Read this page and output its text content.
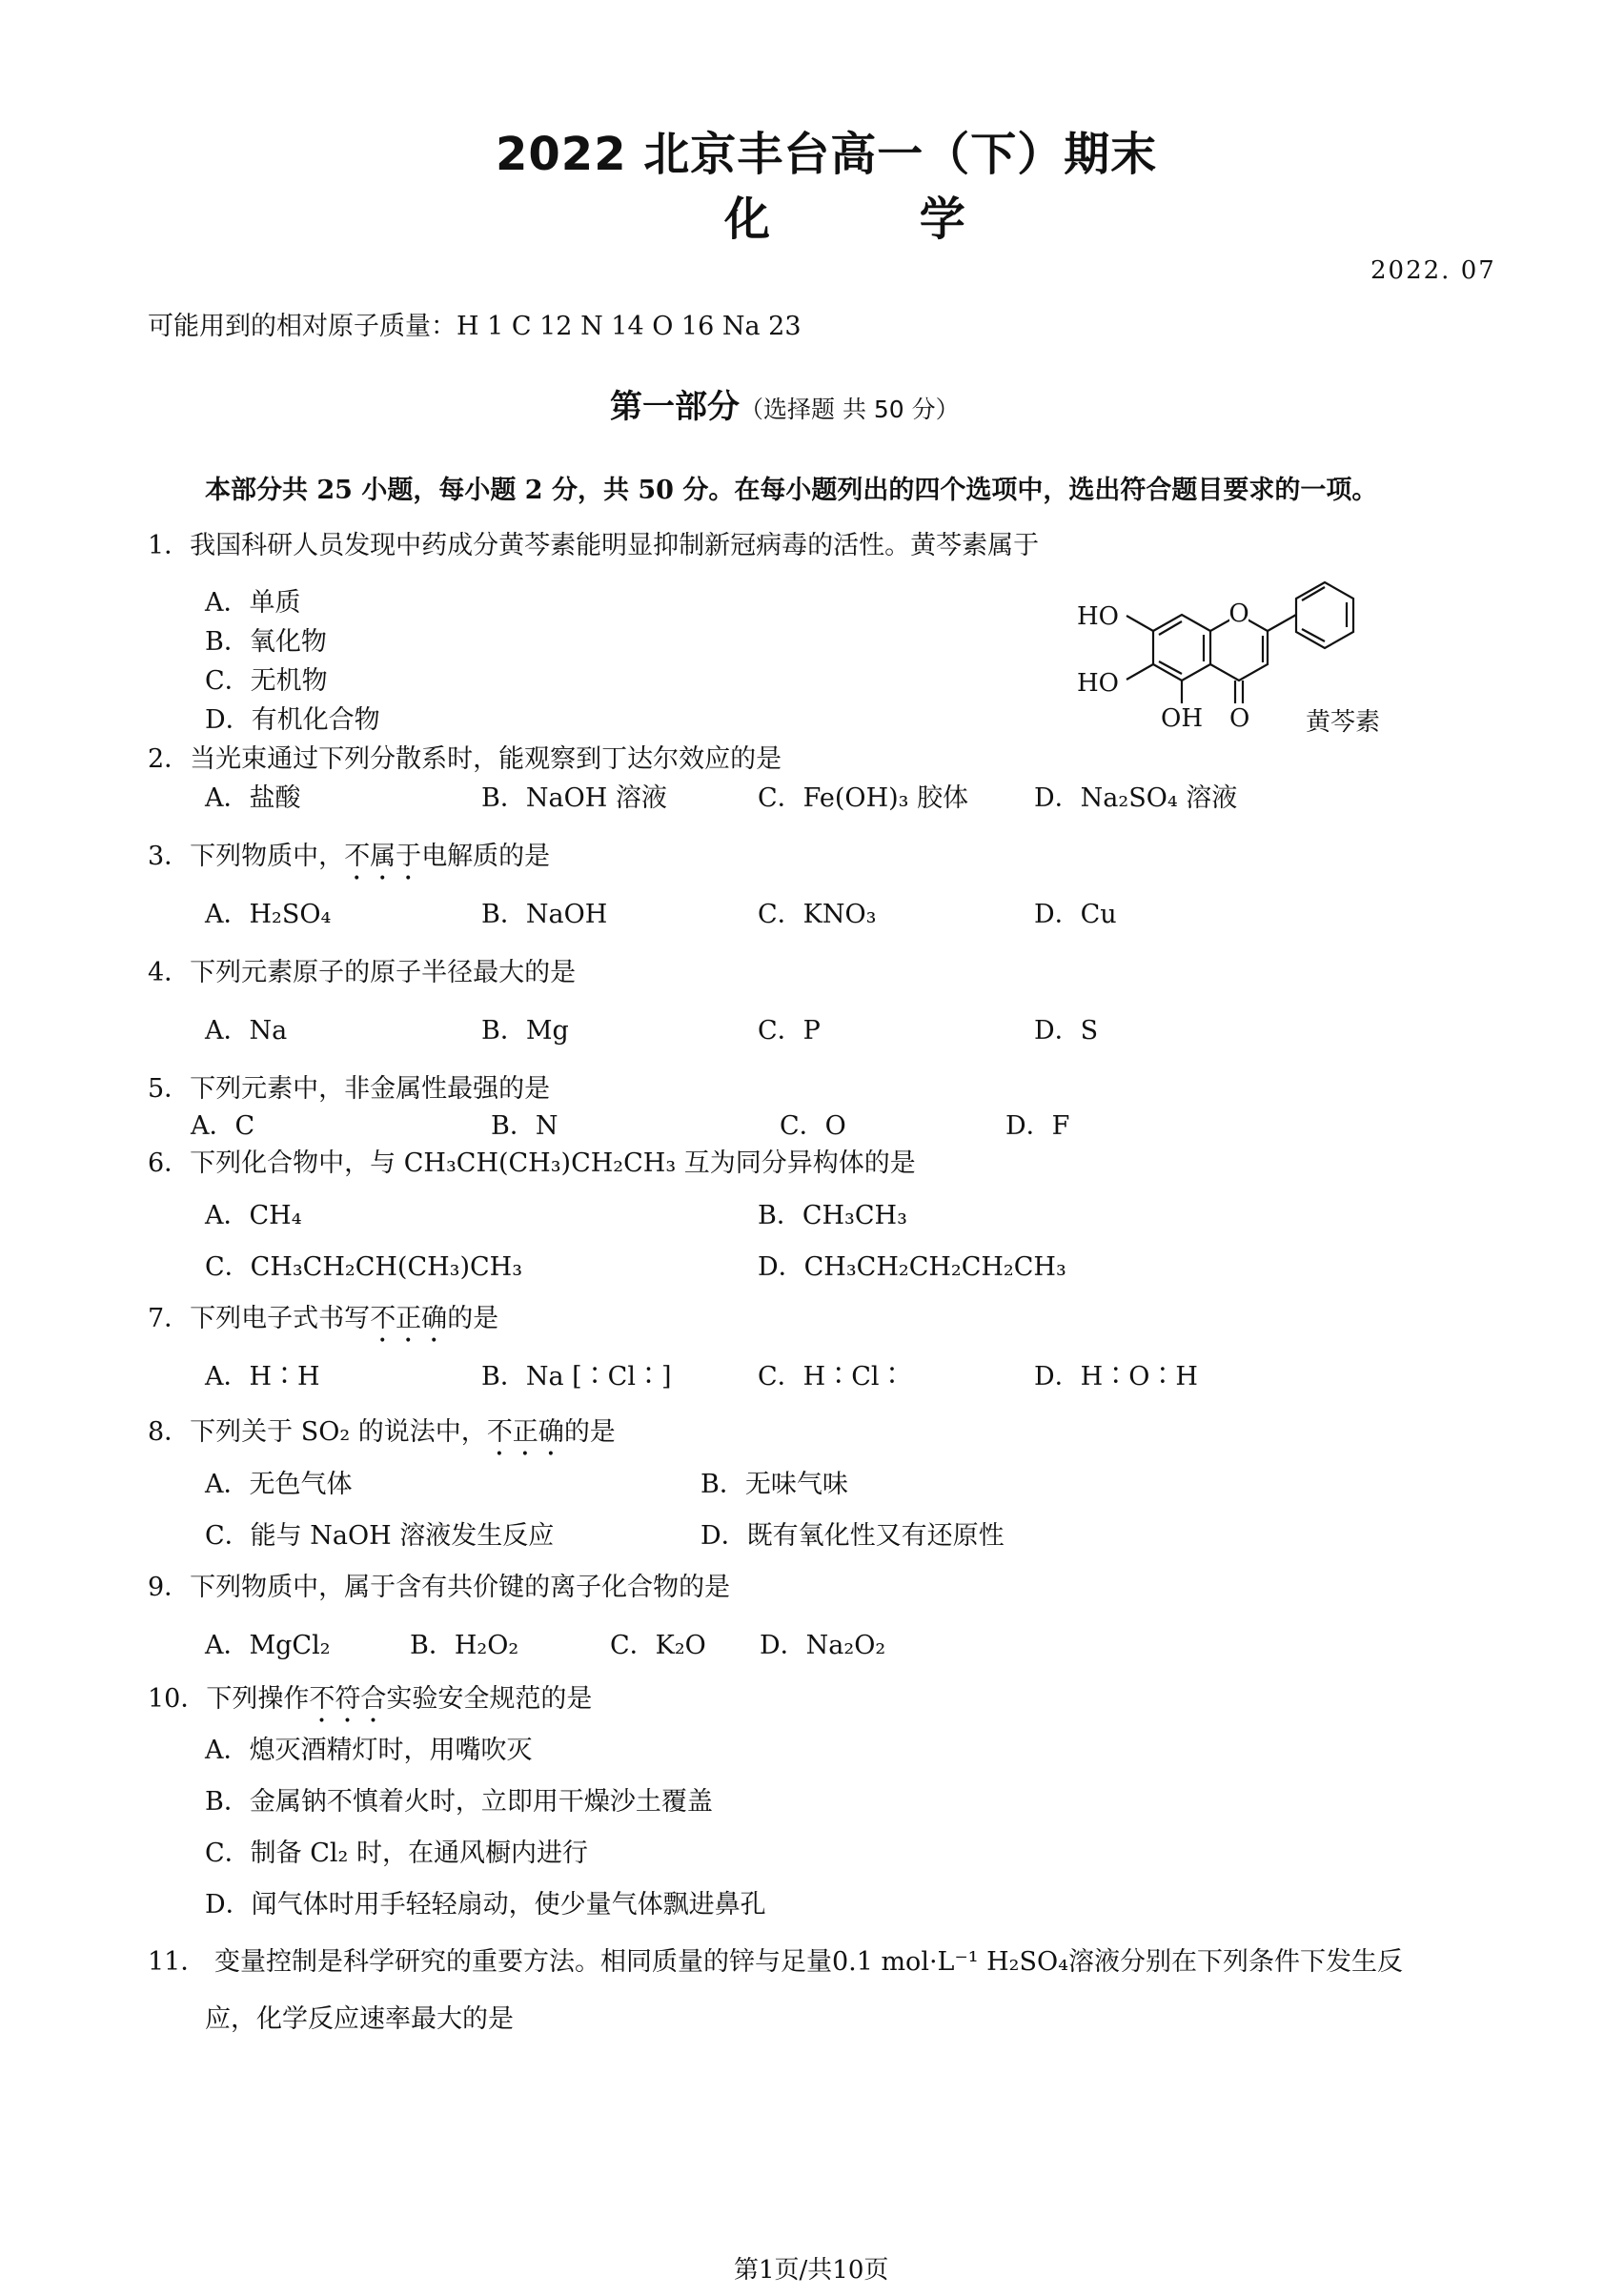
2022 北京丰台高一（下）期末
化 学
2022. 07
可能用到的相对原子质量：H 1 C 12 N 14 O 16 Na 23
第一部分（选择题 共 50 分）
本部分共 25 小题，每小题 2 分，共 50 分。在每小题列出的四个选项中，选出符合题目要求的一项。
1．我国科研人员发现中药成分黄芩素能明显抑制新冠病毒的活性。黄芩素属于
A．单质
B．氧化物
C．无机物
D．有机化合物
O
HO
HO
OH O 黄芩素
2．当光束通过下列分散系时，能观察到丁达尔效应的是
A．盐酸	B．NaOH 溶液	C．Fe(OH)₃ 胶体	D．Na₂SO₄ 溶液
3．下列物质中，不属于电解质的是
A．H₂SO₄	B．NaOH	C．KNO₃	D．Cu
4．下列元素原子的原子半径最大的是
A．Na	B．Mg	C．P	D．S
5．下列元素中，非金属性最强的是
A．C	B．N	C．O	D．F
6．下列化合物中，与 CH₃CH(CH₃)CH₂CH₃ 互为同分异构体的是
A．CH₄	B．CH₃CH₃
C．CH₃CH₂CH(CH₃)CH₃	D．CH₃CH₂CH₂CH₂CH₃
7．下列电子式书写不正确的是
A．H∶H	B．Na [∶Cl∶]	C．H∶Cl∶	D．H∶O∶H
8．下列关于 SO₂ 的说法中，不正确的是
A．无色气体	B．无味气味
C．能与 NaOH 溶液发生反应	D．既有氧化性又有还原性
9．下列物质中，属于含有共价键的离子化合物的是
A．MgCl₂	B．H₂O₂	C．K₂O D．Na₂O₂
10．下列操作不符合实验安全规范的是
A．熄灭酒精灯时，用嘴吹灭
B．金属钠不慎着火时，立即用干燥沙土覆盖
C．制备 Cl₂ 时，在通风橱内进行
D．闻气体时用手轻轻扇动，使少量气体飘进鼻孔
11． 变量控制是科学研究的重要方法。相同质量的锌与足量0.1 mol·L⁻¹ H₂SO₄溶液分别在下列条件下发生反
应，化学反应速率最大的是
第1页/共10页
